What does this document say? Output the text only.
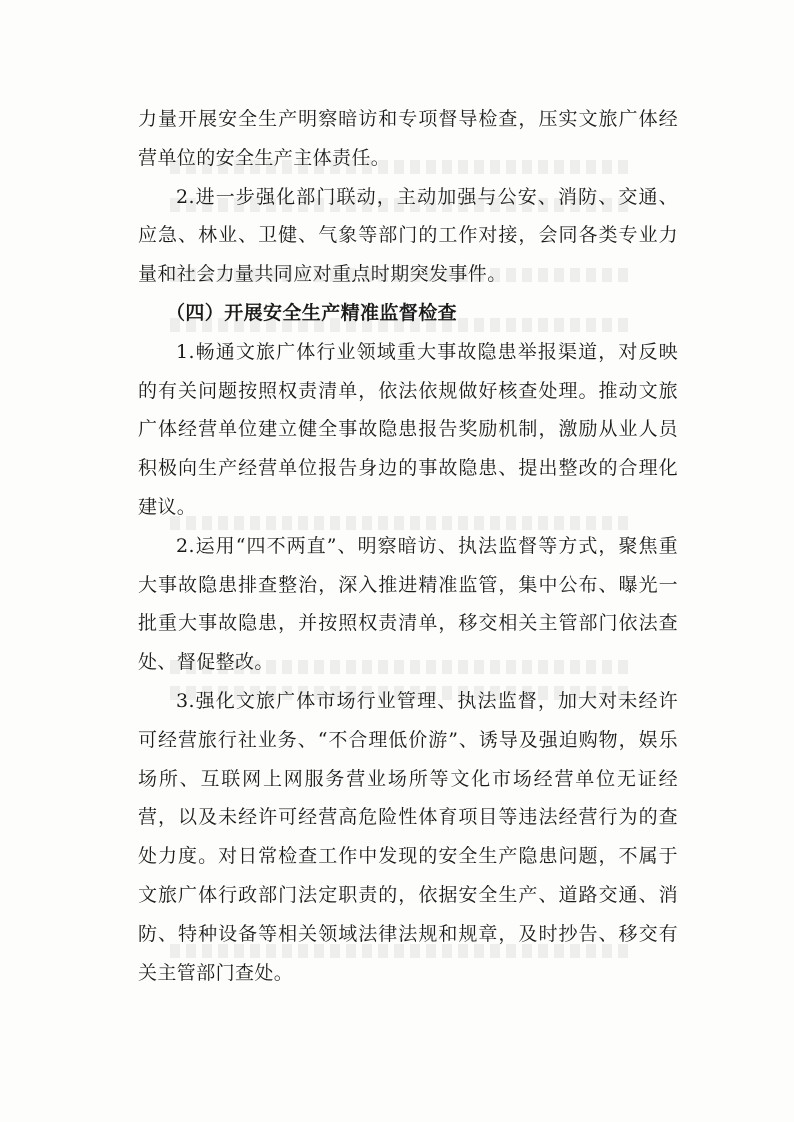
力量开展安全生产明察暗访和专项督导检查，压实文旅广体经营单位的安全生产主体责任。

2.进一步强化部门联动，主动加强与公安、消防、交通、应急、林业、卫健、气象等部门的工作对接，会同各类专业力量和社会力量共同应对重点时期突发事件。

（四）开展安全生产精准监督检查

1.畅通文旅广体行业领域重大事故隐患举报渠道，对反映的有关问题按照权责清单，依法依规做好核查处理。推动文旅广体经营单位建立健全事故隐患报告奖励机制，激励从业人员积极向生产经营单位报告身边的事故隐患、提出整改的合理化建议。

2.运用“四不两直”、明察暗访、执法监督等方式，聚焦重大事故隐患排查整治，深入推进精准监管，集中公布、曝光一批重大事故隐患，并按照权责清单，移交相关主管部门依法查处、督促整改。

3.强化文旅广体市场行业管理、执法监督，加大对未经许可经营旅行社业务、“不合理低价游”、诱导及强迫购物，娱乐场所、互联网上网服务营业场所等文化市场经营单位无证经营，以及未经许可经营高危险性体育项目等违法经营行为的查处力度。对日常检查工作中发现的安全生产隐患问题，不属于文旅广体行政部门法定职责的，依据安全生产、道路交通、消防、特种设备等相关领域法律法规和规章，及时抄告、移交有关主管部门查处。
